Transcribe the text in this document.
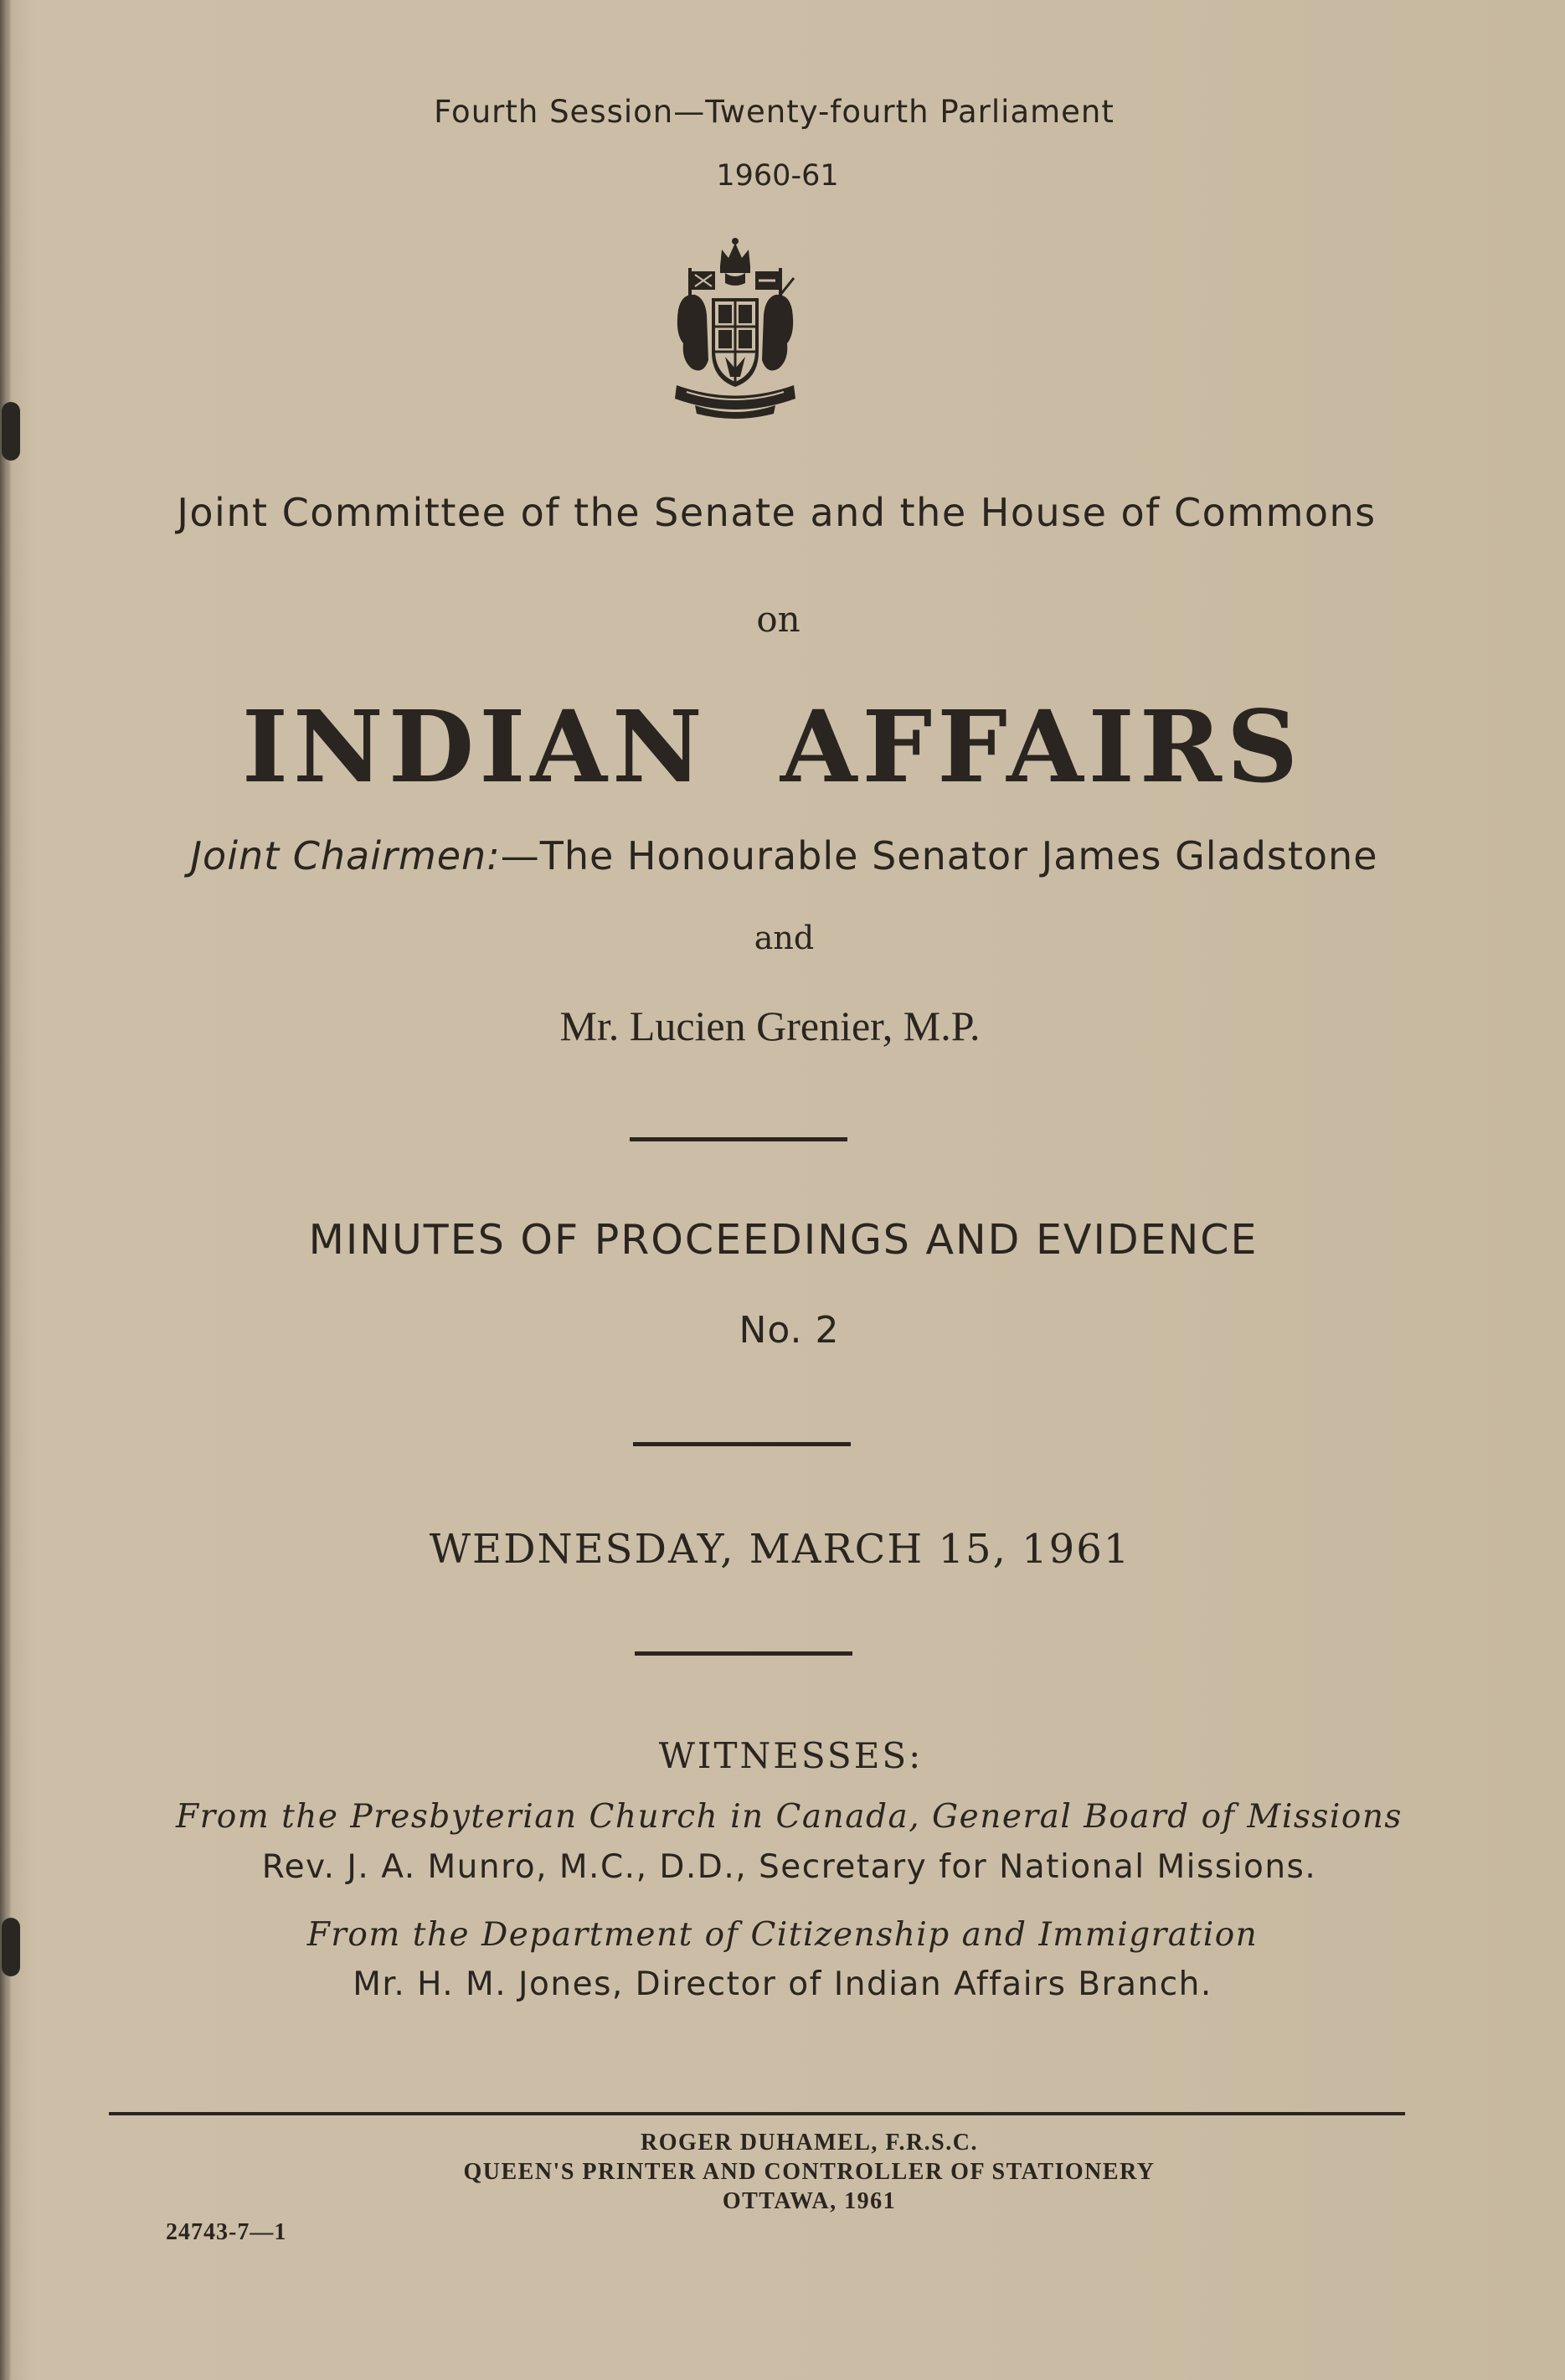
Fourth Session—Twenty-fourth Parliament
1960-61
Joint Committee of the Senate and the House of Commons
on
INDIAN AFFAIRS
Joint Chairmen:—The Honourable Senator James Gladstone
and
Mr. Lucien Grenier, M.P.
MINUTES OF PROCEEDINGS AND EVIDENCE
No. 2
WEDNESDAY, MARCH 15, 1961
WITNESSES:
From the Presbyterian Church in Canada, General Board of Missions
Rev. J. A. Munro, M.C., D.D., Secretary for National Missions.
From the Department of Citizenship and Immigration
Mr. H. M. Jones, Director of Indian Affairs Branch.
ROGER DUHAMEL, F.R.S.C.
QUEEN'S PRINTER AND CONTROLLER OF STATIONERY
OTTAWA, 1961
24743-7—1
